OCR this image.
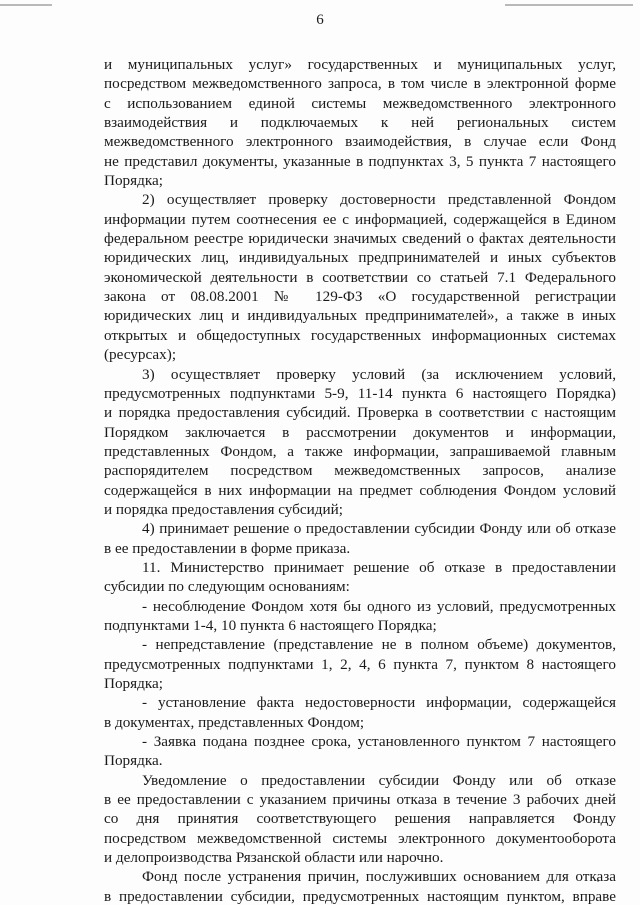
6
и муниципальных услуг» государственных и муниципальных услуг,
посредством межведомственного запроса, в том числе в электронной форме
с использованием единой системы межведомственного электронного
взаимодействия и подключаемых к ней региональных систем
межведомственного электронного взаимодействия, в случае если Фонд
не представил документы, указанные в подпунктах 3, 5 пункта 7 настоящего
Порядка;
2) осуществляет проверку достоверности представленной Фондом
информации путем соотнесения ее с информацией, содержащейся в Едином
федеральном реестре юридически значимых сведений о фактах деятельности
юридических лиц, индивидуальных предпринимателей и иных субъектов
экономической деятельности в соответствии со статьей 7.1 Федерального
закона от 08.08.2001 № 129-ФЗ «О государственной регистрации
юридических лиц и индивидуальных предпринимателей», а также в иных
открытых и общедоступных государственных информационных системах
(ресурсах);
3) осуществляет проверку условий (за исключением условий,
предусмотренных подпунктами 5-9, 11-14 пункта 6 настоящего Порядка)
и порядка предоставления субсидий. Проверка в соответствии с настоящим
Порядком заключается в рассмотрении документов и информации,
представленных Фондом, а также информации, запрашиваемой главным
распорядителем посредством межведомственных запросов, анализе
содержащейся в них информации на предмет соблюдения Фондом условий
и порядка предоставления субсидий;
4) принимает решение о предоставлении субсидии Фонду или об отказе
в ее предоставлении в форме приказа.
11. Министерство принимает решение об отказе в предоставлении
субсидии по следующим основаниям:
- несоблюдение Фондом хотя бы одного из условий, предусмотренных
подпунктами 1-4, 10 пункта 6 настоящего Порядка;
- непредставление (представление не в полном объеме) документов,
предусмотренных подпунктами 1, 2, 4, 6 пункта 7, пунктом 8 настоящего
Порядка;
- установление факта недостоверности информации, содержащейся
в документах, представленных Фондом;
- Заявка подана позднее срока, установленного пунктом 7 настоящего
Порядка.
Уведомление о предоставлении субсидии Фонду или об отказе
в ее предоставлении с указанием причины отказа в течение 3 рабочих дней
со дня принятия соответствующего решения направляется Фонду
посредством межведомственной системы электронного документооборота
и делопроизводства Рязанской области или нарочно.
Фонд после устранения причин, послуживших основанием для отказа
в предоставлении субсидии, предусмотренных настоящим пунктом, вправе
